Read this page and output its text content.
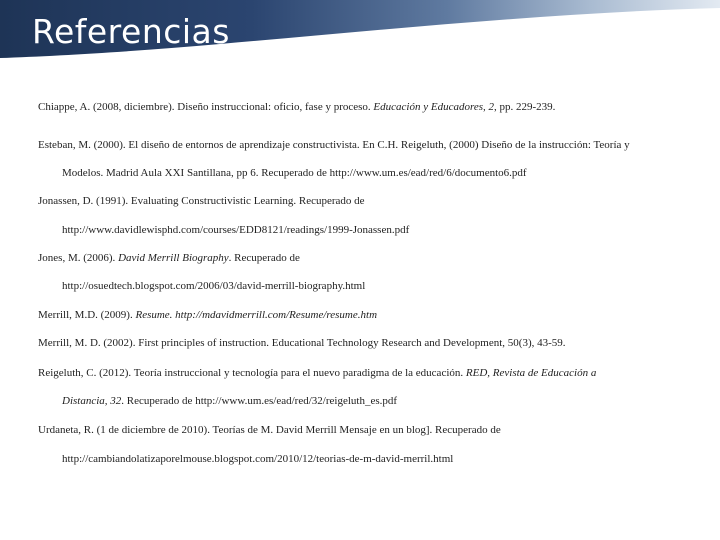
Referencias
Chiappe, A. (2008, diciembre). Diseño instruccional: oficio, fase y proceso. Educación y Educadores, 2, pp. 229-239.
Esteban, M. (2000). El diseño de entornos de aprendizaje constructivista. En C.H. Reigeluth, (2000) Diseño de la instrucción: Teoría y
Modelos. Madrid Aula XXI Santillana, pp 6. Recuperado de http://www.um.es/ead/red/6/documento6.pdf
Jonassen, D. (1991). Evaluating Constructivistic Learning. Recuperado de
http://www.davidlewisphd.com/courses/EDD8121/readings/1999-Jonassen.pdf
Jones, M. (2006). David Merrill Biography. Recuperado de
http://osuedtech.blogspot.com/2006/03/david-merrill-biography.html
Merrill, M.D. (2009). Resume. http://mdavidmerrill.com/Resume/resume.htm
Merrill, M. D. (2002). First principles of instruction. Educational Technology Research and Development, 50(3), 43-59.
Reigeluth, C. (2012). Teoría instruccional y tecnología para el nuevo paradigma de la educación. RED, Revista de Educación a
Distancia, 32. Recuperado de http://www.um.es/ead/red/32/reigeluth_es.pdf
Urdaneta, R. (1 de diciembre de 2010). Teorías de M. David Merrill Mensaje en un blog]. Recuperado de
http://cambiandolatizaporelmouse.blogspot.com/2010/12/teorias-de-m-david-merril.html
